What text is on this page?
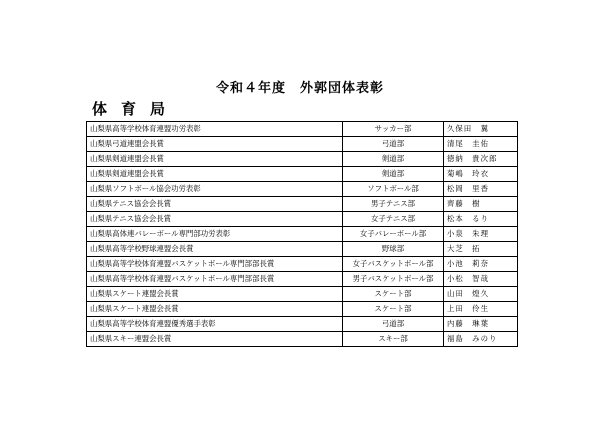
令和４年度　外郭団体表彰
体育局
山梨県高等学校体育連盟功労表彰	サッカー部	久保田　翼
山梨県弓道連盟会長賞	弓道部	清尾　圭佑
山梨県剣道連盟会長賞	剣道部	徳納　貴次郎
山梨県剣道連盟会長賞	剣道部	菊嶋　玲衣
山梨県ソフトボール協会功労表彰	ソフトボール部	松岡　里香
山梨県テニス協会会長賞	男子テニス部	齊藤　樹
山梨県テニス協会会長賞	女子テニス部	松本　るり
山梨県高体連バレーボール専門部功労表彰	女子バレーボール部	小泉　朱理
山梨県高等学校野球連盟会長賞	野球部	大芝　拓
山梨県高等学校体育連盟バスケットボール専門部部長賞	女子バスケットボール部	小池　莉奈
山梨県高等学校体育連盟バスケットボール専門部部長賞	男子バスケットボール部	小松　智哉
山梨県スケート連盟会長賞	スケート部	山田　煌久
山梨県スケート連盟会長賞	スケート部	上田　伶生
山梨県高等学校体育連盟優秀選手表彰	弓道部	内藤　琳葉
山梨県スキー連盟会長賞	スキー部	福島　みのり
